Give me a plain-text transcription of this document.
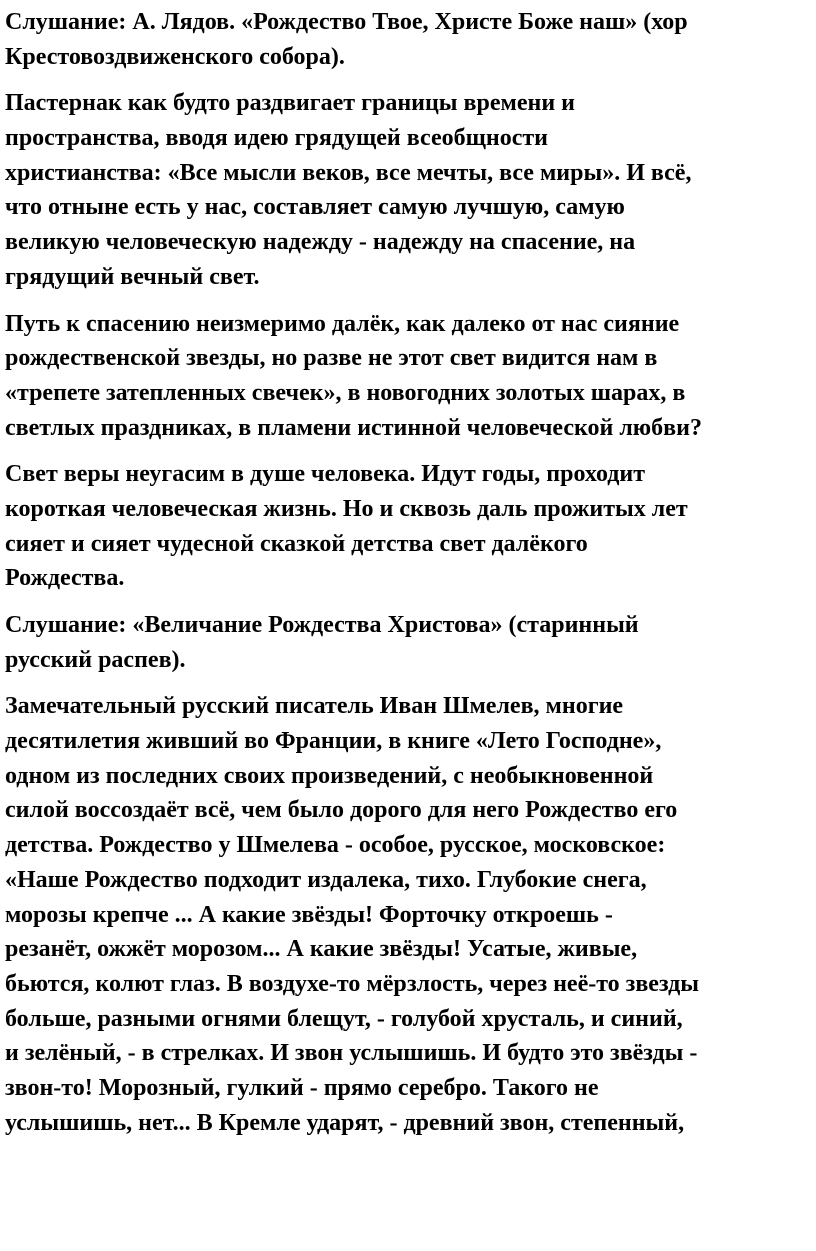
Слушание: А. Лядов. «Рождество Твое, Христе Боже наш» (хор
Крестовоздвиженского собора).

Пастернак как будто раздвигает границы времени и
пространства, вводя идею грядущей всеобщности
христианства: «Все мысли веков, все мечты, все миры». И всё,
что отныне есть у нас, составляет самую лучшую, самую
великую человеческую надежду - надежду на спасение, на
грядущий вечный свет.

Путь к спасению неизмеримо далёк, как далеко от нас сияние
рождественской звезды, но разве не этот свет видится нам в
«трепете затепленных свечек», в новогодних золотых шарах, в
светлых праздниках, в пламени истинной человеческой любви?

Свет веры неугасим в душе человека. Идут годы, проходит
короткая человеческая жизнь. Но и сквозь даль прожитых лет
сияет и сияет чудесной сказкой детства свет далёкого
Рождества.

Слушание: «Величание Рождества Христова» (старинный
русский распев).

Замечательный русский писатель Иван Шмелев, многие
десятилетия живший во Франции, в книге «Лето Господне»,
одном из последних своих произведений, с необыкновенной
силой воссоздаёт всё, чем было дорого для него Рождество его
детства. Рождество у Шмелева - особое, русское, московское:
«Наше Рождество подходит издалека, тихо. Глубокие снега,
морозы крепче ... А какие звёзды! Форточку откроешь -
резанёт, ожжёт морозом... А какие звёзды! Усатые, живые,
бьются, колют глаз. В воздухе-то мёрзлость, через неё-то звезды
больше, разными огнями блещут, - голубой хрусталь, и синий,
и зелёный, - в стрелках. И звон услышишь. И будто это звёзды -
звон-то! Морозный, гулкий - прямо серебро. Такого не
услышишь, нет... В Кремле ударят, - древний звон, степенный,
